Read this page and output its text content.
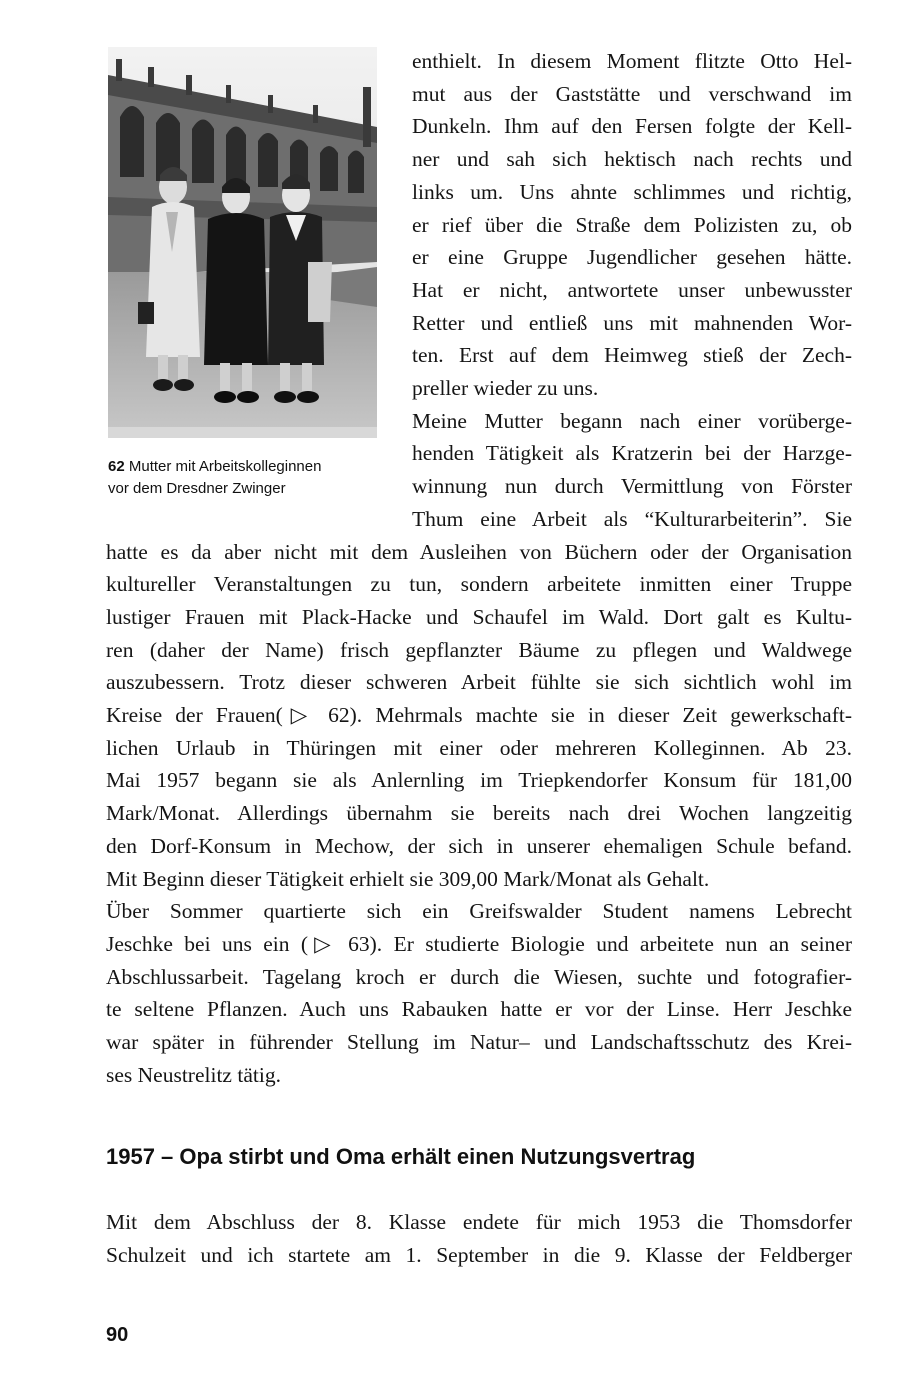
62 Mutter mit Arbeitskolleginnen
vor dem Dresdner Zwinger
enthielt. In diesem Moment flitzte Otto Hel-
mut aus der Gaststätte und verschwand im
Dunkeln. Ihm auf den Fersen folgte der Kell-
ner und sah sich hektisch nach rechts und
links um. Uns ahnte schlimmes und richtig,
er rief über die Straße dem Polizisten zu, ob
er eine Gruppe Jugendlicher gesehen hätte.
Hat er nicht, antwortete unser unbewusster
Retter und entließ uns mit mahnenden Wor-
ten. Erst auf dem Heimweg stieß der Zech-
preller wieder zu uns.
Meine Mutter begann nach einer vorüberge-
henden Tätigkeit als Kratzerin bei der Harzge-
winnung nun durch Vermittlung von Förster
Thum eine Arbeit als “Kulturarbeiterin”. Sie
hatte es da aber nicht mit dem Ausleihen von Büchern oder der Organisation
kultureller Veranstaltungen zu tun, sondern arbeitete inmitten einer Truppe
lustiger Frauen mit Plack-Hacke und Schaufel im Wald. Dort galt es Kultu-
ren (daher der Name) frisch gepflanzter Bäume zu pflegen und Waldwege
auszubessern. Trotz dieser schweren Arbeit fühlte sie sich sichtlich wohl im
Kreise der Frauen(▷ 62). Mehrmals machte sie in dieser Zeit gewerkschaft-
lichen Urlaub in Thüringen mit einer oder mehreren Kolleginnen. Ab 23.
Mai 1957 begann sie als Anlernling im Triepkendorfer Konsum für 181,00
Mark/Monat. Allerdings übernahm sie bereits nach drei Wochen langzeitig
den Dorf-Konsum in Mechow, der sich in unserer ehemaligen Schule befand.
Mit Beginn dieser Tätigkeit erhielt sie 309,00 Mark/Monat als Gehalt.
Über Sommer quartierte sich ein Greifswalder Student namens Lebrecht
Jeschke bei uns ein (▷ 63). Er studierte Biologie und arbeitete nun an seiner
Abschlussarbeit. Tagelang kroch er durch die Wiesen, suchte und fotografier-
te seltene Pflanzen. Auch uns Rabauken hatte er vor der Linse. Herr Jeschke
war später in führender Stellung im Natur– und Landschaftsschutz des Krei-
ses Neustrelitz tätig.
1957 – Opa stirbt und Oma erhält einen Nutzungsvertrag
Mit dem Abschluss der 8. Klasse endete für mich 1953 die Thomsdorfer
Schulzeit und ich startete am 1. September in die 9. Klasse der Feldberger
90
